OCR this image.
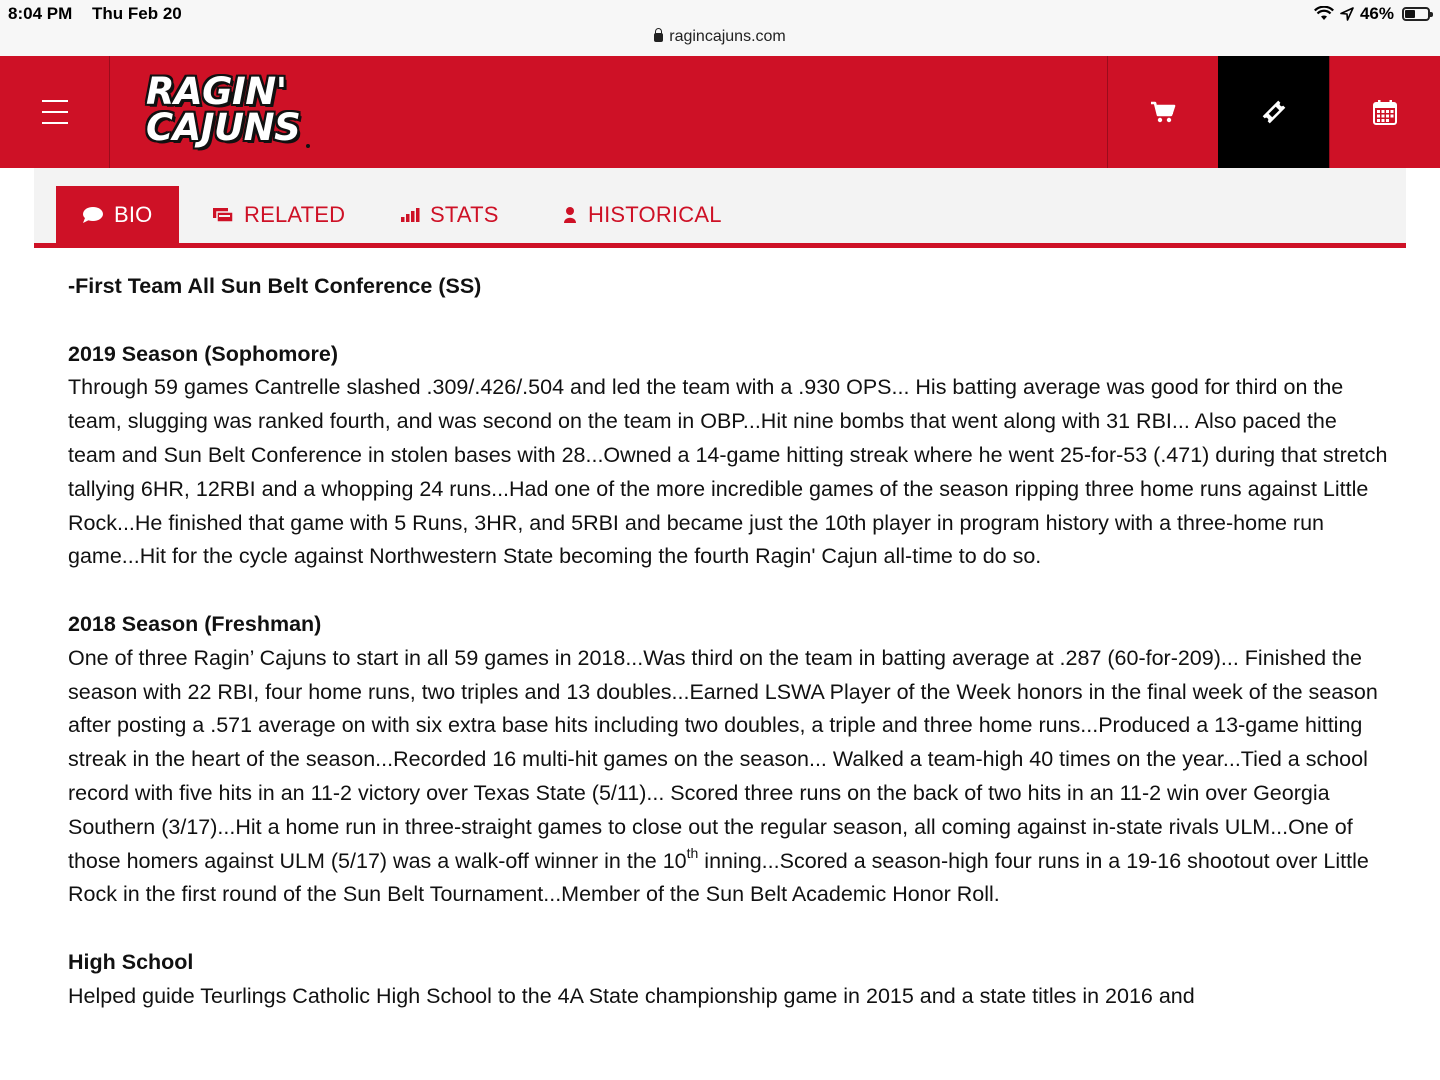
8:04 PM Thu Feb 20	46%
ragincajuns.com
RAGIN'
CAJUNS
BIO	RELATED	STATS	HISTORICAL

-First Team All Sun Belt Conference (SS)

2019 Season (Sophomore)

Through 59 games Cantrelle slashed .309/.426/.504 and led the team with a .930 OPS... His batting average was good for third on the team, slugging was ranked fourth, and was second on the team in OBP...Hit nine bombs that went along with 31 RBI... Also paced the team and Sun Belt Conference in stolen bases with 28...Owned a 14-game hitting streak where he went 25-for-53 (.471) during that stretch tallying 6HR, 12RBI and a whopping 24 runs...Had one of the more incredible games of the season ripping three home runs against Little Rock...He finished that game with 5 Runs, 3HR, and 5RBI and became just the 10th player in program history with a three-home run game...Hit for the cycle against Northwestern State becoming the fourth Ragin' Cajun all-time to do so.

2018 Season (Freshman)

One of three Ragin’ Cajuns to start in all 59 games in 2018...Was third on the team in batting average at .287 (60-for-209)... Finished the season with 22 RBI, four home runs, two triples and 13 doubles...Earned LSWA Player of the Week honors in the final week of the season after posting a .571 average on with six extra base hits including two doubles, a triple and three home runs...Produced a 13-game hitting streak in the heart of the season...Recorded 16 multi-hit games on the season... Walked a team-high 40 times on the year...Tied a school record with five hits in an 11-2 victory over Texas State (5/11)... Scored three runs on the back of two hits in an 11-2 win over Georgia Southern (3/17)...Hit a home run in three-straight games to close out the regular season, all coming against in-state rivals ULM...One of those homers against ULM (5/17) was a walk-off winner in the 10th inning...Scored a season-high four runs in a 19-16 shootout over Little Rock in the first round of the Sun Belt Tournament...Member of the Sun Belt Academic Honor Roll.

High School

Helped guide Teurlings Catholic High School to the 4A State championship game in 2015 and a state titles in 2016 and
